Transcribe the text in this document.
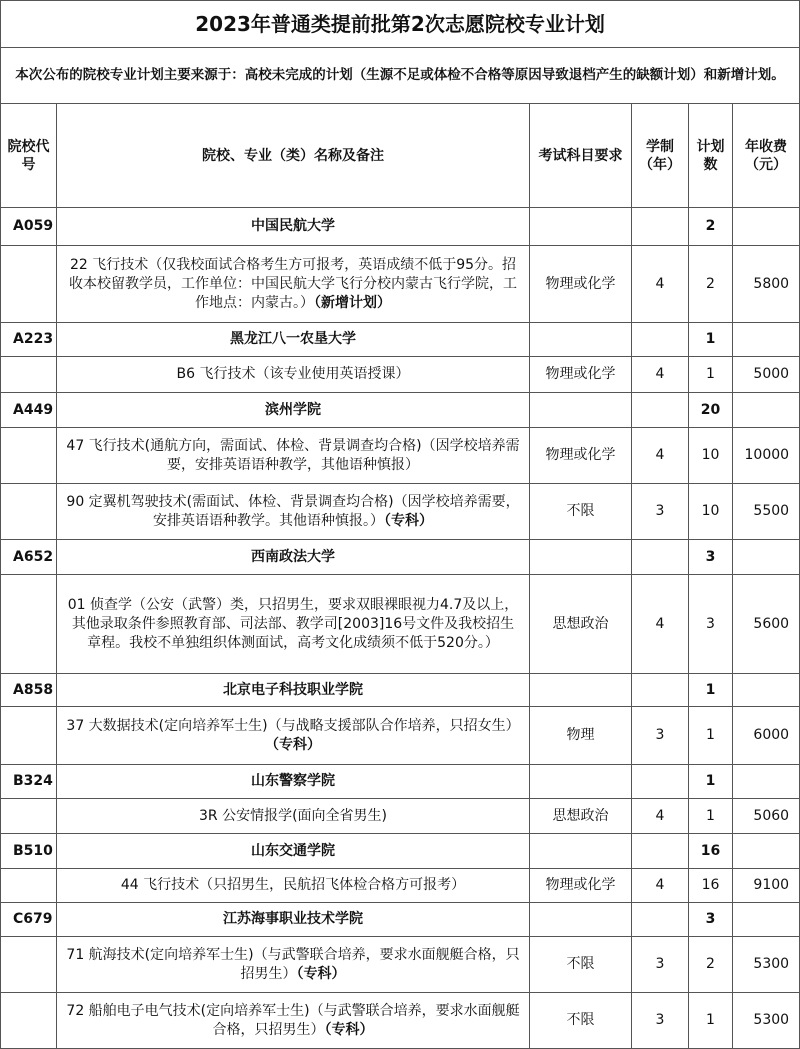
2023年普通类提前批第2次志愿院校专业计划					
本次公布的院校专业计划主要来源于：高校未完成的计划（生源不足或体检不合格等原因导致退档产生的缺额计划）和新增计划。					
院校代号	院校、专业（类）名称及备注	考试科目要求	学制（年）	计划数	年收费（元）
A059	中国民航大学			2	
	22 飞行技术（仅我校面试合格考生方可报考，英语成绩不低于95分。招收本校留教学员，工作单位：中国民航大学飞行分校内蒙古飞行学院，工作地点：内蒙古。）（新增计划）	物理或化学	4	2	5800
A223	黑龙江八一农垦大学			1	
	B6 飞行技术（该专业使用英语授课）	物理或化学	4	1	5000
A449	滨州学院			20	
	47 飞行技术(通航方向，需面试、体检、背景调查均合格)（因学校培养需要，安排英语语种教学，其他语种慎报）	物理或化学	4	10	10000
	90 定翼机驾驶技术(需面试、体检、背景调查均合格)（因学校培养需要，安排英语语种教学。其他语种慎报。）（专科）	不限	3	10	5500
A652	西南政法大学			3	
	01 侦查学（公安（武警）类，只招男生，要求双眼裸眼视力4.7及以上，其他录取条件参照教育部、司法部、教学司[2003]16号文件及我校招生章程。我校不单独组织体测面试，高考文化成绩须不低于520分。）	思想政治	4	3	5600
A858	北京电子科技职业学院			1	
	37 大数据技术(定向培养军士生)（与战略支援部队合作培养，只招女生）（专科）	物理	3	1	6000
B324	山东警察学院			1	
	3R 公安情报学(面向全省男生)	思想政治	4	1	5060
B510	山东交通学院			16	
	44 飞行技术（只招男生，民航招飞体检合格方可报考）	物理或化学	4	16	9100
C679	江苏海事职业技术学院			3	
	71 航海技术(定向培养军士生)（与武警联合培养，要求水面舰艇合格，只招男生）（专科）	不限	3	2	5300
	72 船舶电子电气技术(定向培养军士生)（与武警联合培养，要求水面舰艇合格，只招男生）（专科）	不限	3	1	5300
